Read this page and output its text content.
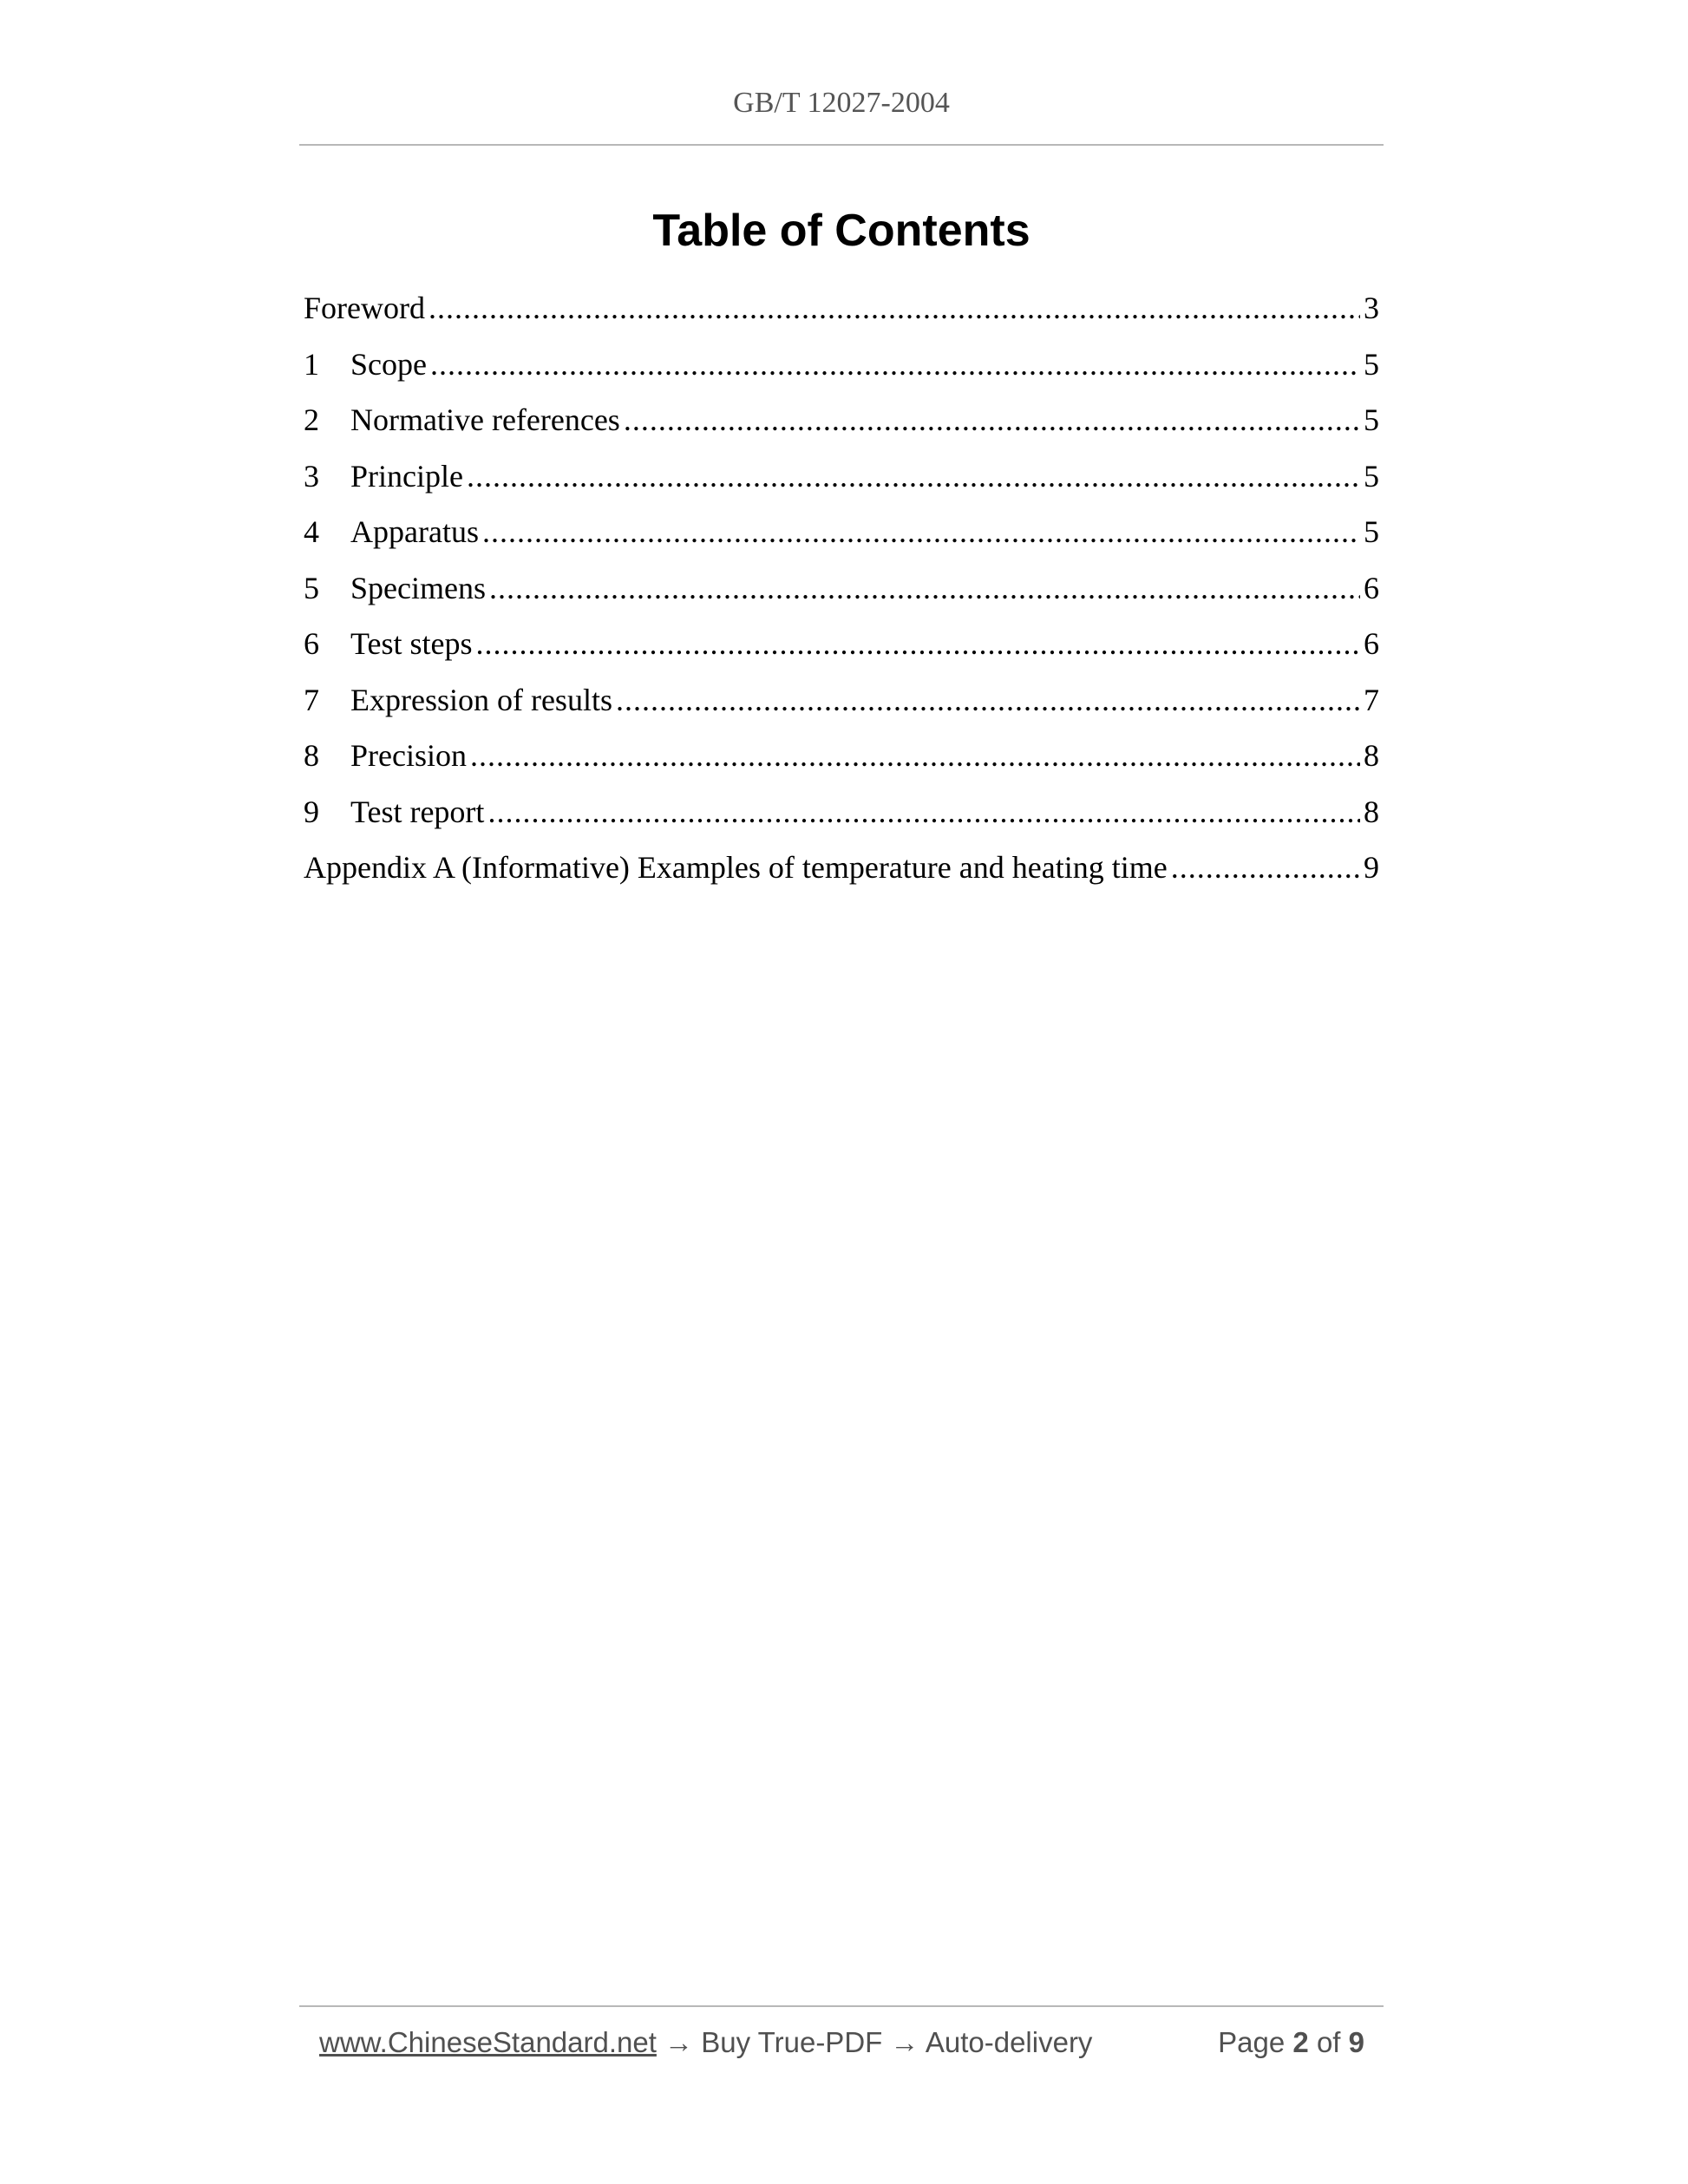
GB/T 12027-2004
Table of Contents
Foreword .....	3
1	Scope .....	5
2	Normative references .....	5
3	Principle .....	5
4	Apparatus .....	5
5	Specimens .....	6
6	Test steps .....	6
7	Expression of results .....	7
8	Precision .....	8
9	Test report .....	8
Appendix A (Informative) Examples of temperature and heating time .....	9
www.ChineseStandard.net → Buy True-PDF → Auto-delivery	Page 2 of 9
